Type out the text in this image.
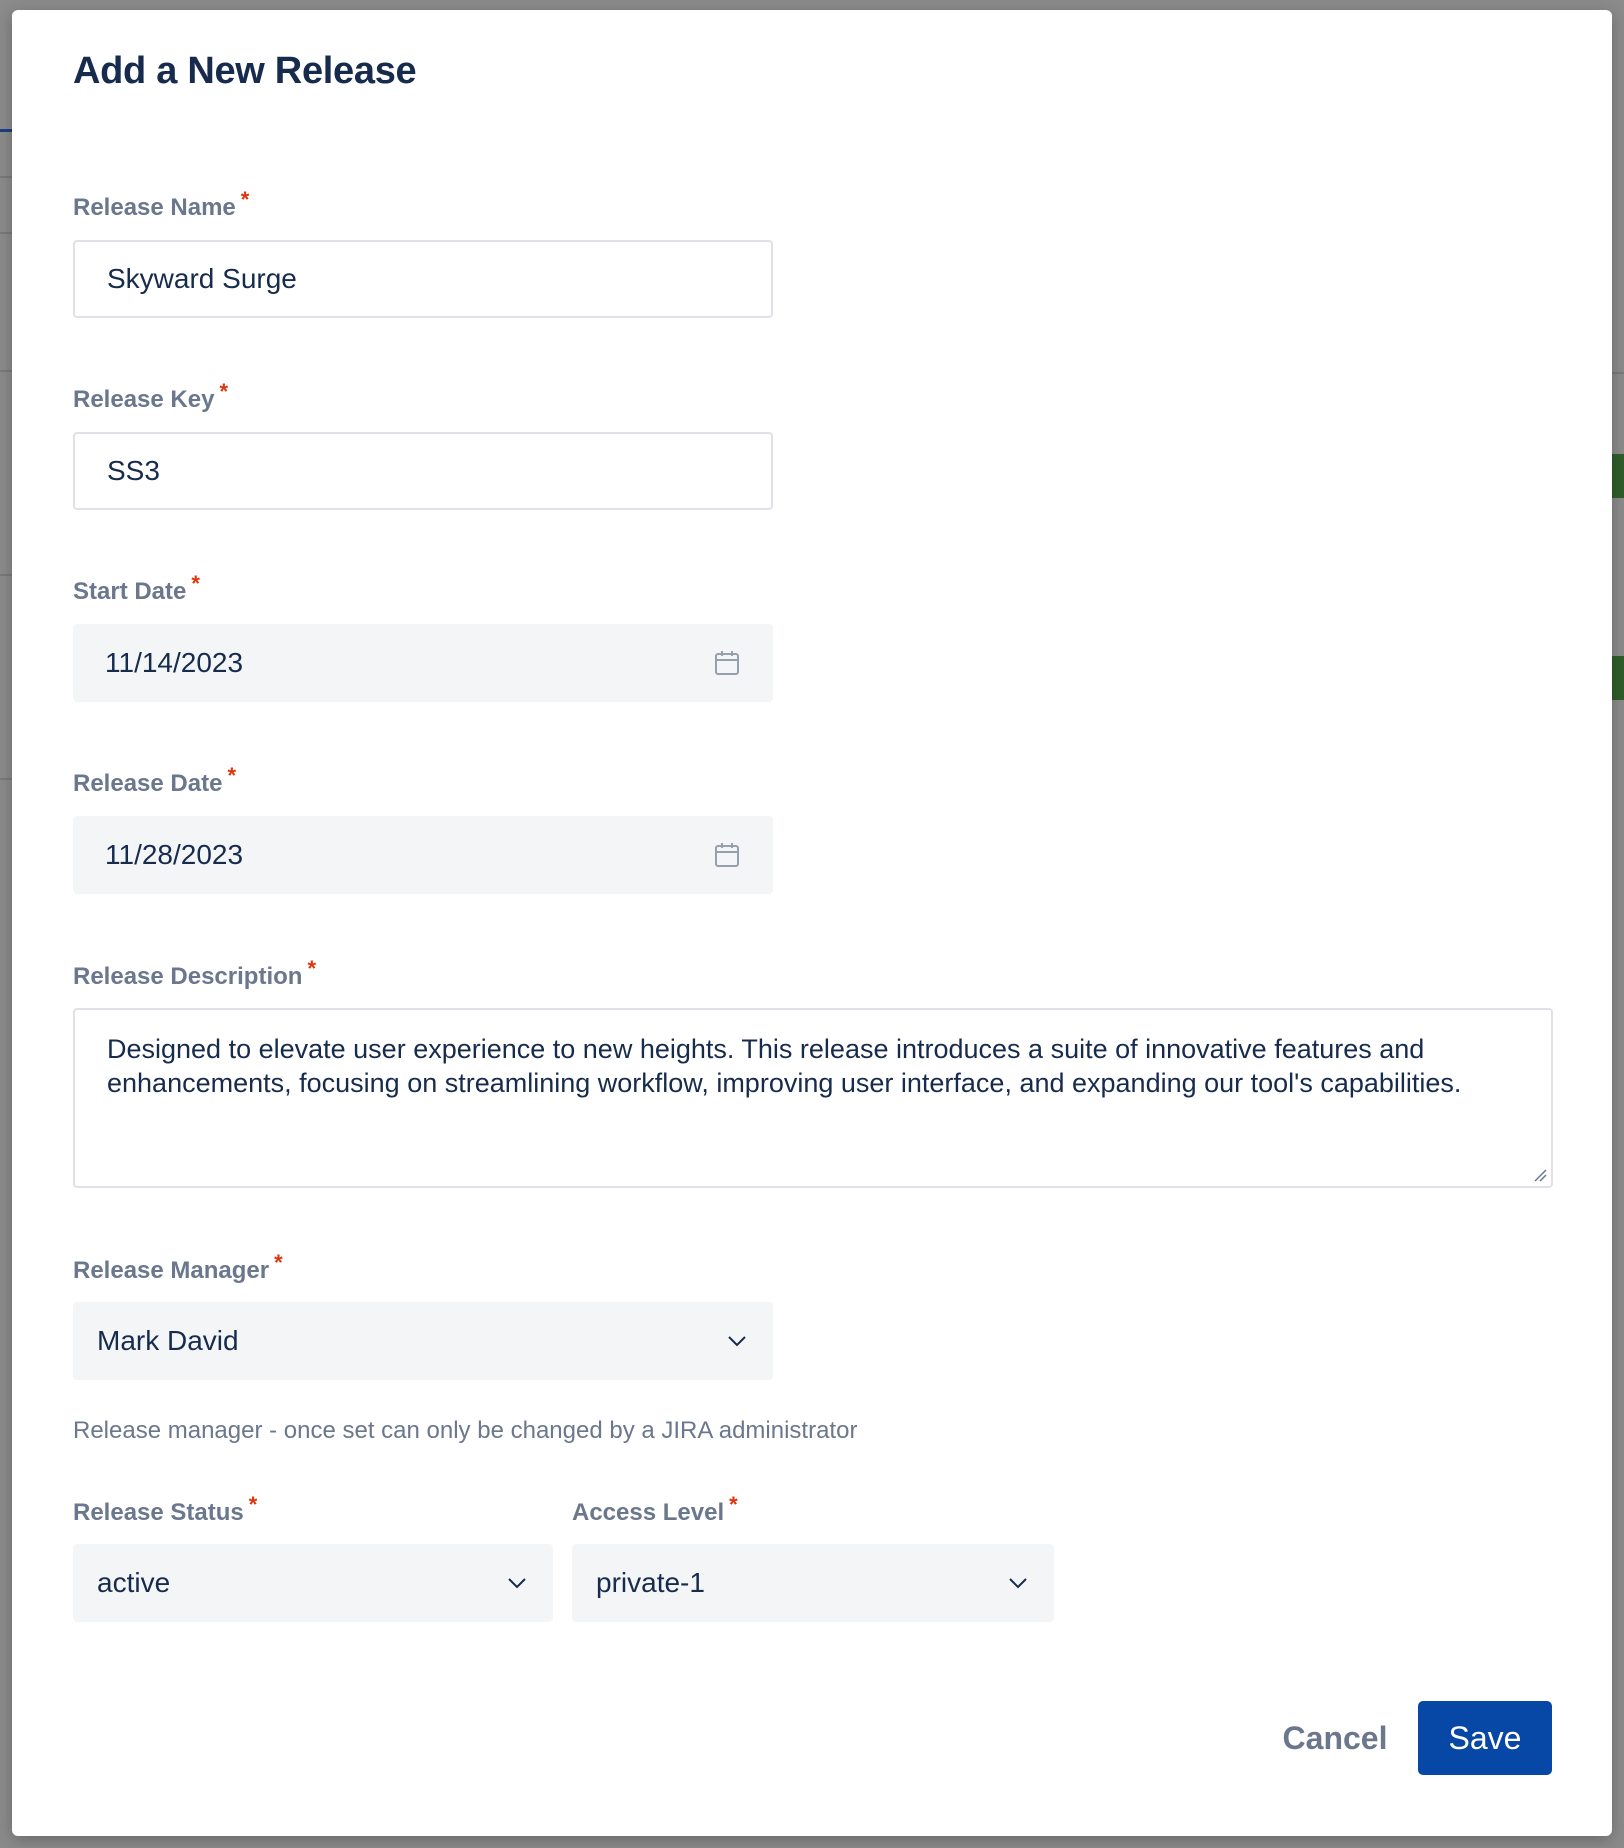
Add a New Release
Release Name *
Skyward Surge
Release Key *
SS3
Start Date *
11/14/2023
Release Date *
11/28/2023
Release Description *
Designed to elevate user experience to new heights. This release introduces a suite of innovative features and enhancements, focusing on streamlining workflow, improving user interface, and expanding our tool's capabilities.
Release Manager *
Mark David
Release manager - once set can only be changed by a JIRA administrator
Release Status *
active
Access Level *
private-1
Cancel	Save
